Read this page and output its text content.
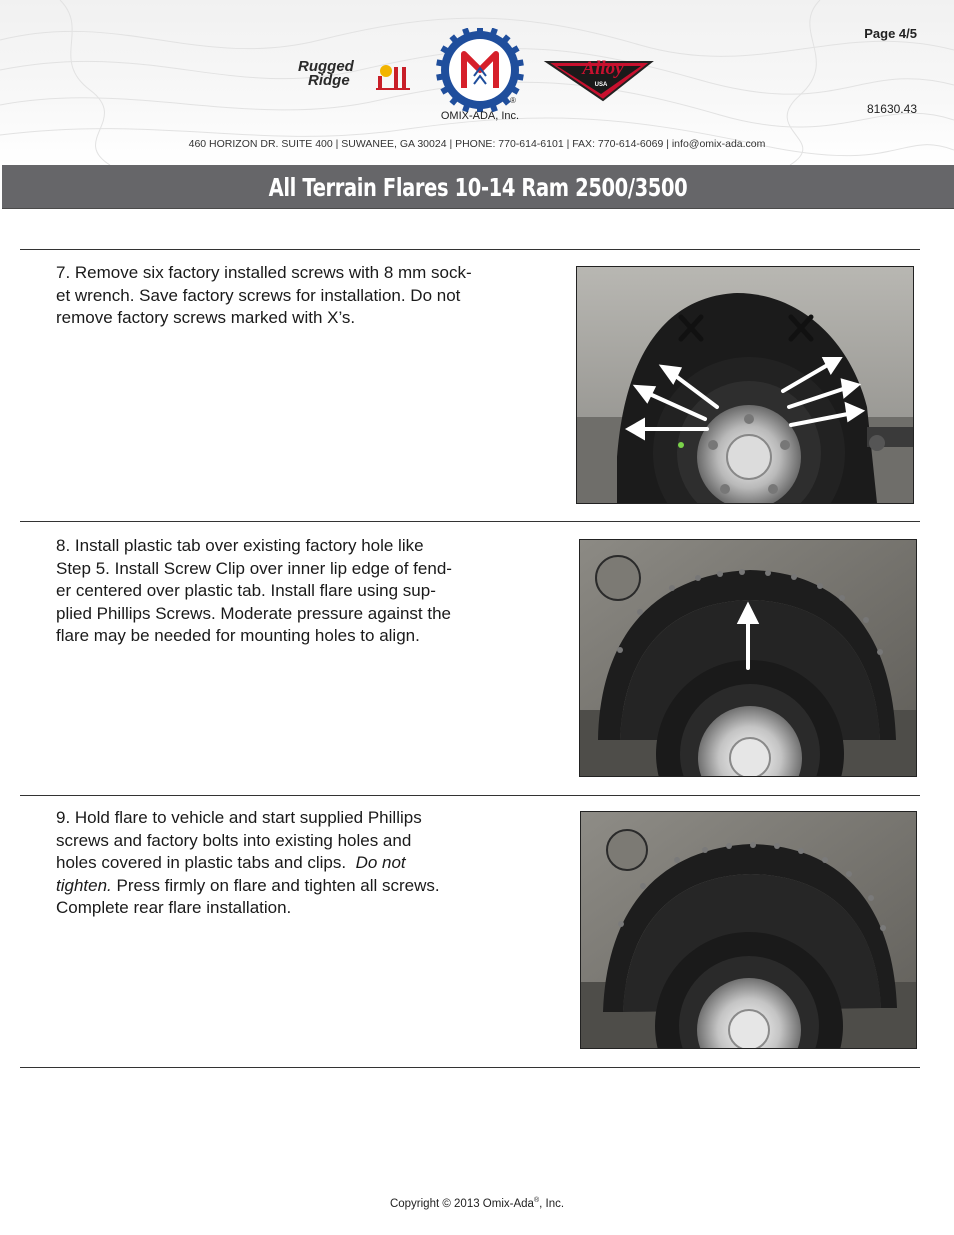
Page 4/5
81630.43
Rugged
Ridge
®
OMIX-ADA, Inc.
Alloy
USA
460 HORIZON DR. SUITE 400 | SUWANEE, GA 30024 | PHONE: 770-614-6101 | FAX: 770-614-6069 | info@omix-ada.com
All Terrain Flares 10-14 Ram 2500/3500
7. Remove six factory installed screws with 8 mm sock-
et wrench. Save factory screws for installation. Do not
remove factory screws marked with X’s.
8. Install plastic tab over existing factory hole like
Step 5. Install Screw Clip over inner lip edge of fend-
er centered over plastic tab. Install flare using sup-
plied Phillips Screws. Moderate pressure against the
flare may be needed for mounting holes to align.
9. Hold flare to vehicle and start supplied Phillips
screws and factory bolts into existing holes and
holes covered in plastic tabs and clips. Do not
tighten. Press firmly on flare and tighten all screws.
Complete rear flare installation.
Copyright © 2013 Omix-Ada®, Inc.
